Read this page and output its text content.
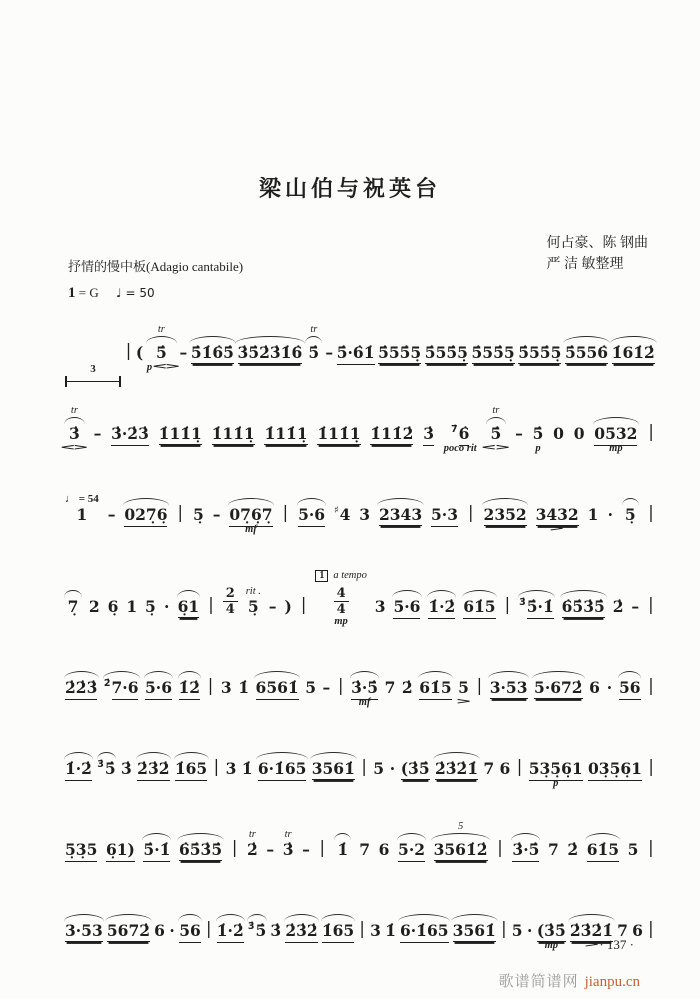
梁山伯与祝英台
抒情的慢中板(Adagio cantabile)
何占豪、陈 钢曲
严 洁 敏整理
1 = G ♩ = 50
3
| (
tr
5̇
p < >
– 5̇1̇6̇5̇ 3̇5̇2̇3̇1̇6̇
tr
5̇ – 5̇·6̇1̇ 5̇55̇5̣ 5̇55̇5̣ 5̇55̇5̣ 5̇55̇5̣ 5̇556̇ 1̇61̇2̇
tr
3̇
< >
– 3̇·2̇3̇ 1̇11̇1̣ 1̇11̇1̣ 1̇11̇1̣ 1̇11̇1̣ 1̇11̇2̇ 3̇ $^{7̇}$6̇
poco rit
tr
5̇
< >
– 5̇
p
0 0 0532
mp
|
♩ = 54
1 – 027̣6̣ | 5̣ – 07̣6̣7̣
mf
| 5·6 ♯4 3 2343 5·3 | 2352 3432
>
1 · 5̣ |
7̣ 2 6̣ 1 5̣ · 6̣1 | $\frac{2}{4}$ rit .
5̣ – ) |
1 a tempo
$\frac{4}{4}$
mp
3 5·6 1̇·2̇ 61̇5 | $^{3̇}$5̇·1̇ 6̇5̇3̇5̇ 2̇ – |
2̇2̇3̇ $^{2̇}$7·6 5·6 1̇2̇ | 3 1̇ 6561̇ 5 – | 3̇·5̇
mf
7 2̇ 61̇5 5
>
| 3·53 5·672̇ 6 · 56 |
1̇·2̇ $^{3̇}$5̇ 3̇ 2̇3̇2̇ 1̇65 | 3 1̇ 6·1̇65 3561̇ | 5 · (3̇5̇ 2̇3̇2̇1̇ 7 6 | 53̣5̣6̣1
p
03̣5̣6̣1 |
5̣3̣5 6̣1) 5̇·1̇ 6̇5̇3̇5̇ |
tr
2̇ –
tr
3̇ – | 1̇ 7 6 5·2
5
3561̇2̇ | 3̇·5̇ 7 2̇ 61̇5 5 |
3·53 5672̇ 6 · 56 | 1̇·2̇ $^{3̇}$5̇ 3̇ 2̇3̇2̇ 1̇65 | 3 1̇ 6·1̇65 3561̇ | 5 · (3̇5̇
mp
2̇3̇2̇1̇
>
7 6 |
· 137 ·
歌谱简谱网 jianpu.cn
